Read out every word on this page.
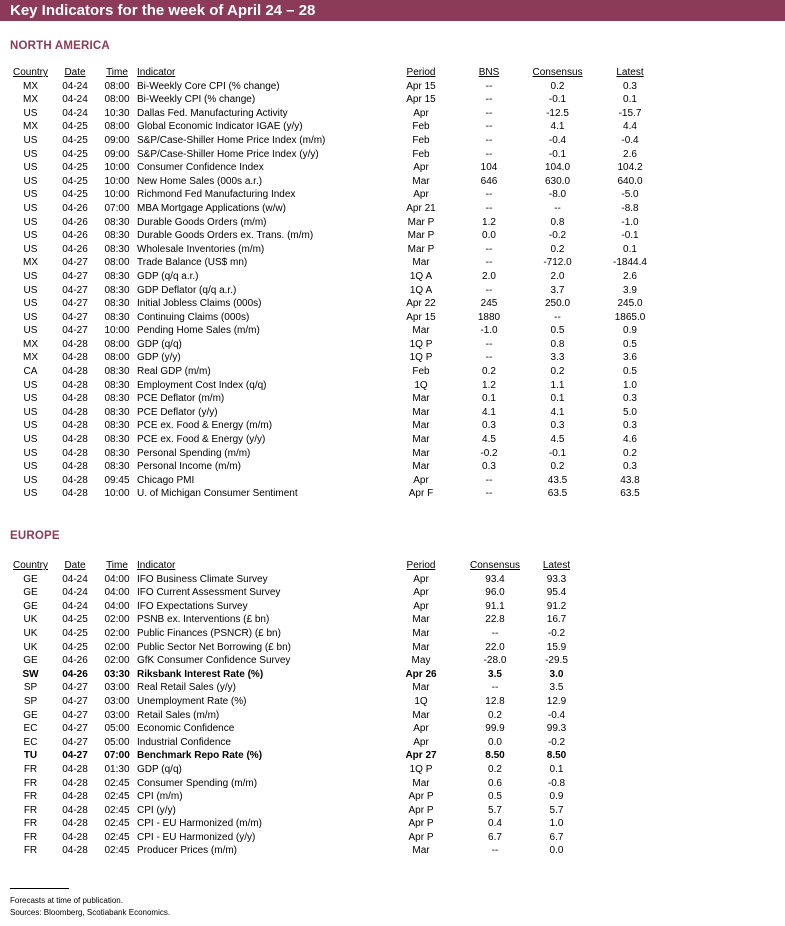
Key Indicators for the week of April 24 – 28
NORTH AMERICA
Country	Date	Time	Indicator	Period	BNS	Consensus	Latest
MX	04-24	08:00	Bi-Weekly Core CPI (% change)	Apr 15	--	0.2	0.3
MX	04-24	08:00	Bi-Weekly CPI (% change)	Apr 15	--	-0.1	0.1
US	04-24	10:30	Dallas Fed. Manufacturing Activity	Apr	--	-12.5	-15.7
MX	04-25	08:00	Global Economic Indicator IGAE (y/y)	Feb	--	4.1	4.4
US	04-25	09:00	S&P/Case-Shiller Home Price Index (m/m)	Feb	--	-0.4	-0.4
US	04-25	09:00	S&P/Case-Shiller Home Price Index (y/y)	Feb	--	-0.1	2.6
US	04-25	10:00	Consumer Confidence Index	Apr	104	104.0	104.2
US	04-25	10:00	New Home Sales (000s a.r.)	Mar	646	630.0	640.0
US	04-25	10:00	Richmond Fed Manufacturing Index	Apr	--	-8.0	-5.0
US	04-26	07:00	MBA Mortgage Applications (w/w)	Apr 21	--	--	-8.8
US	04-26	08:30	Durable Goods Orders (m/m)	Mar P	1.2	0.8	-1.0
US	04-26	08:30	Durable Goods Orders ex. Trans. (m/m)	Mar P	0.0	-0.2	-0.1
US	04-26	08:30	Wholesale Inventories (m/m)	Mar P	--	0.2	0.1
MX	04-27	08:00	Trade Balance (US$ mn)	Mar	--	-712.0	-1844.4
US	04-27	08:30	GDP (q/q a.r.)	1Q A	2.0	2.0	2.6
US	04-27	08:30	GDP Deflator (q/q a.r.)	1Q A	--	3.7	3.9
US	04-27	08:30	Initial Jobless Claims (000s)	Apr 22	245	250.0	245.0
US	04-27	08:30	Continuing Claims (000s)	Apr 15	1880	--	1865.0
US	04-27	10:00	Pending Home Sales (m/m)	Mar	-1.0	0.5	0.9
MX	04-28	08:00	GDP (q/q)	1Q P	--	0.8	0.5
MX	04-28	08:00	GDP (y/y)	1Q P	--	3.3	3.6
CA	04-28	08:30	Real GDP (m/m)	Feb	0.2	0.2	0.5
US	04-28	08:30	Employment Cost Index (q/q)	1Q	1.2	1.1	1.0
US	04-28	08:30	PCE Deflator (m/m)	Mar	0.1	0.1	0.3
US	04-28	08:30	PCE Deflator (y/y)	Mar	4.1	4.1	5.0
US	04-28	08:30	PCE ex. Food & Energy (m/m)	Mar	0.3	0.3	0.3
US	04-28	08:30	PCE ex. Food & Energy (y/y)	Mar	4.5	4.5	4.6
US	04-28	08:30	Personal Spending (m/m)	Mar	-0.2	-0.1	0.2
US	04-28	08:30	Personal Income (m/m)	Mar	0.3	0.2	0.3
US	04-28	09:45	Chicago PMI	Apr	--	43.5	43.8
US	04-28	10:00	U. of Michigan Consumer Sentiment	Apr F	--	63.5	63.5
EUROPE
Country	Date	Time	Indicator	Period	Consensus	Latest
GE	04-24	04:00	IFO Business Climate Survey	Apr	93.4	93.3
GE	04-24	04:00	IFO Current Assessment Survey	Apr	96.0	95.4
GE	04-24	04:00	IFO Expectations Survey	Apr	91.1	91.2
UK	04-25	02:00	PSNB ex. Interventions (£ bn)	Mar	22.8	16.7
UK	04-25	02:00	Public Finances (PSNCR) (£ bn)	Mar	--	-0.2
UK	04-25	02:00	Public Sector Net Borrowing (£ bn)	Mar	22.0	15.9
GE	04-26	02:00	GfK Consumer Confidence Survey	May	-28.0	-29.5
SW	04-26	03:30	Riksbank Interest Rate (%)	Apr 26	3.5	3.0
SP	04-27	03:00	Real Retail Sales (y/y)	Mar	--	3.5
SP	04-27	03:00	Unemployment Rate (%)	1Q	12.8	12.9
GE	04-27	03:00	Retail Sales (m/m)	Mar	0.2	-0.4
EC	04-27	05:00	Economic Confidence	Apr	99.9	99.3
EC	04-27	05:00	Industrial Confidence	Apr	0.0	-0.2
TU	04-27	07:00	Benchmark Repo Rate (%)	Apr 27	8.50	8.50
FR	04-28	01:30	GDP (q/q)	1Q P	0.2	0.1
FR	04-28	02:45	Consumer Spending (m/m)	Mar	0.6	-0.8
FR	04-28	02:45	CPI (m/m)	Apr P	0.5	0.9
FR	04-28	02:45	CPI (y/y)	Apr P	5.7	5.7
FR	04-28	02:45	CPI - EU Harmonized (m/m)	Apr P	0.4	1.0
FR	04-28	02:45	CPI - EU Harmonized (y/y)	Apr P	6.7	6.7
FR	04-28	02:45	Producer Prices (m/m)	Mar	--	0.0
Forecasts at time of publication.
Sources: Bloomberg, Scotiabank Economics.
